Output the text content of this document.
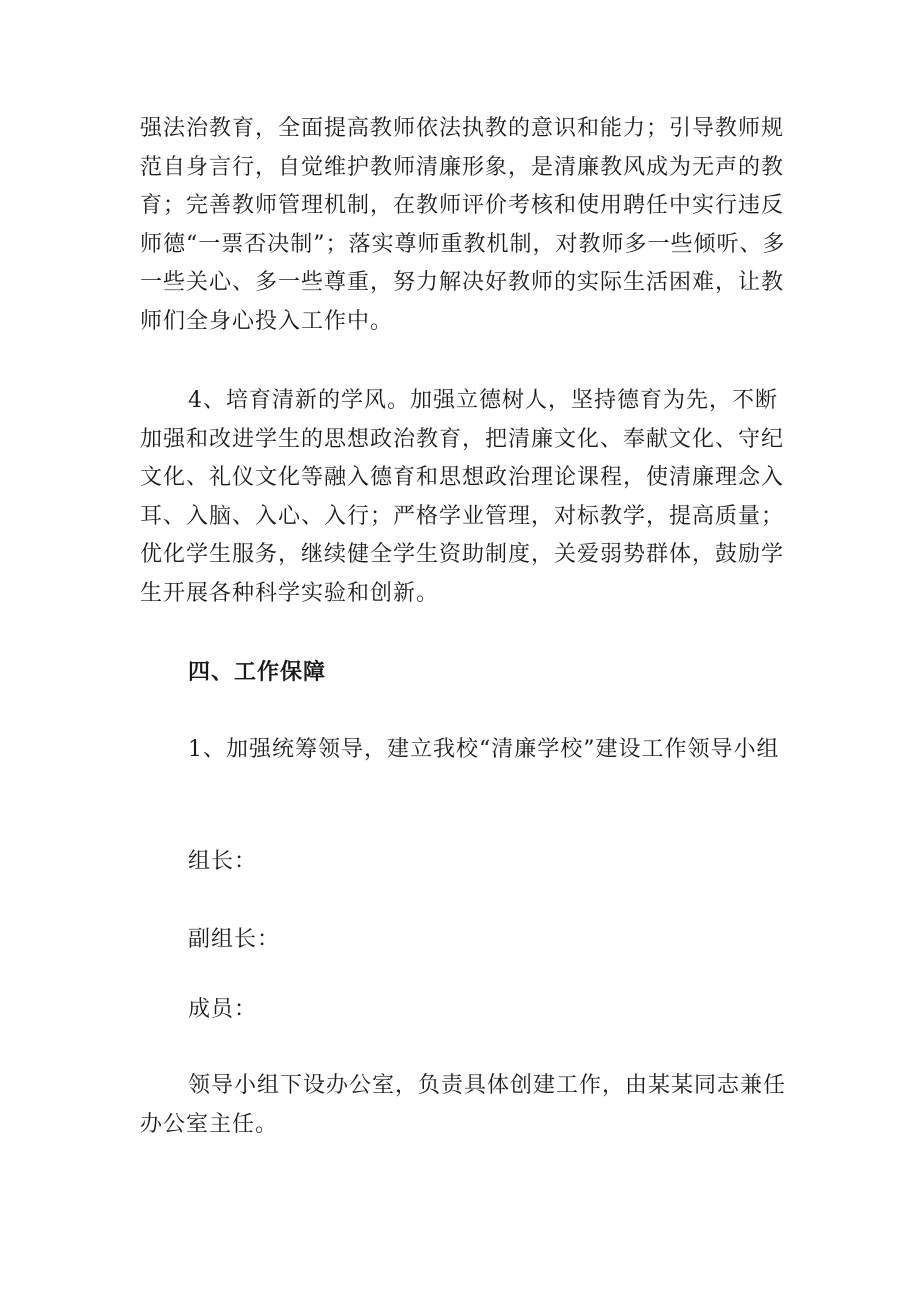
强法治教育，全面提高教师依法执教的意识和能力；引导教师规范自身言行，自觉维护教师清廉形象，是清廉教风成为无声的教育；完善教师管理机制，在教师评价考核和使用聘任中实行违反师德“一票否决制”；落实尊师重教机制，对教师多一些倾听、多一些关心、多一些尊重，努力解决好教师的实际生活困难，让教师们全身心投入工作中。

4、培育清新的学风。加强立德树人，坚持德育为先，不断加强和改进学生的思想政治教育，把清廉文化、奉献文化、守纪文化、礼仪文化等融入德育和思想政治理论课程，使清廉理念入耳、入脑、入心、入行；严格学业管理，对标教学，提高质量；优化学生服务，继续健全学生资助制度，关爱弱势群体，鼓励学生开展各种科学实验和创新。

四、工作保障

1、加强统筹领导，建立我校“清廉学校”建设工作领导小组

组长：

副组长：

成员：

领导小组下设办公室，负责具体创建工作，由某某同志兼任办公室主任。
